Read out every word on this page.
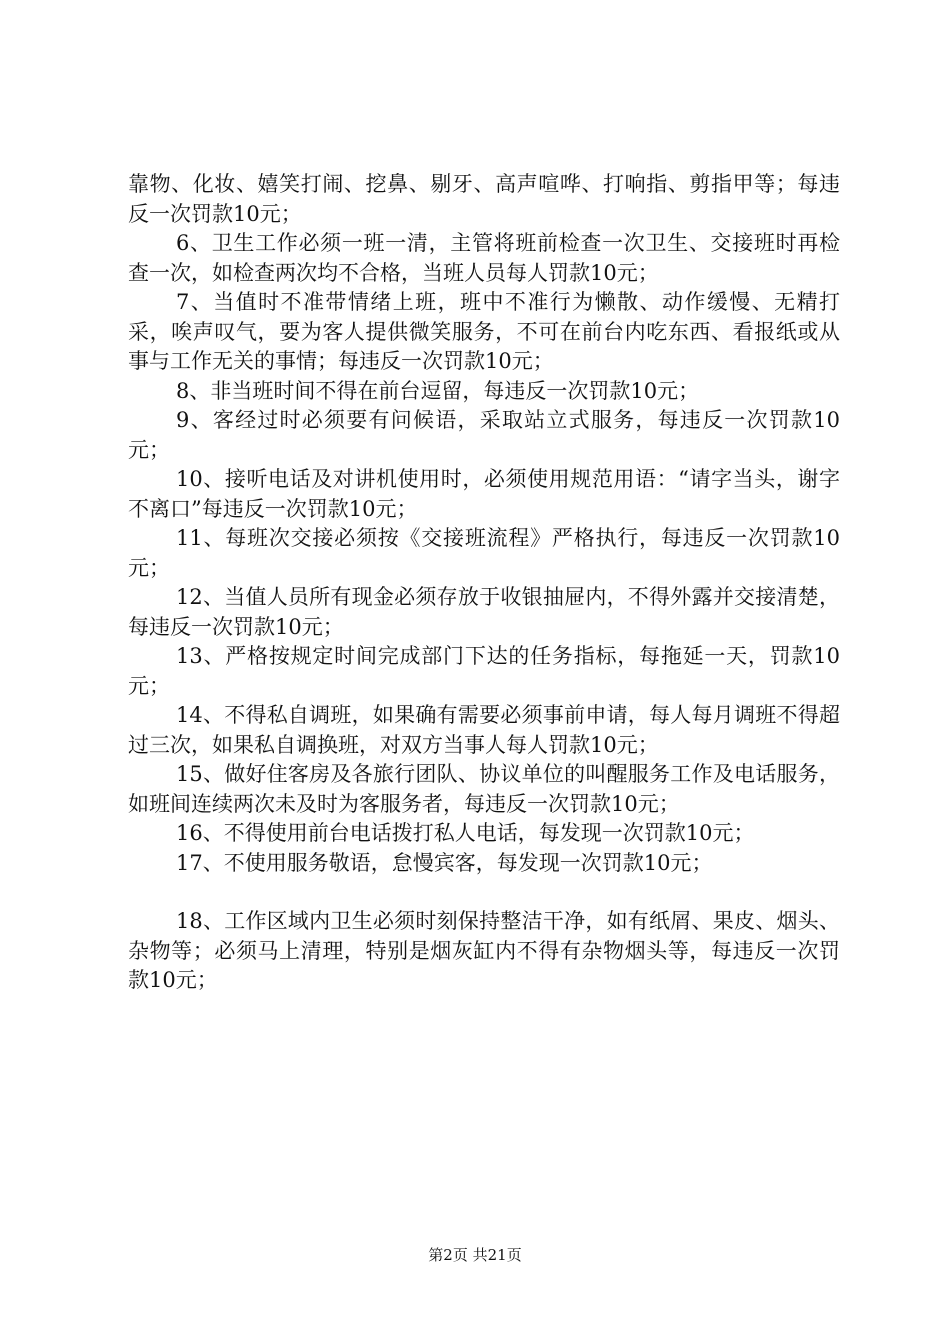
靠物、化妆、嬉笑打闹、挖鼻、剔牙、高声喧哗、打响指、剪指甲等；每违反一次罚款10元；

6、卫生工作必须一班一清，主管将班前检查一次卫生、交接班时再检查一次，如检查两次均不合格，当班人员每人罚款10元；

7、当值时不准带情绪上班，班中不准行为懒散、动作缓慢、无精打采，唉声叹气，要为客人提供微笑服务，不可在前台内吃东西、看报纸或从事与工作无关的事情；每违反一次罚款10元；

8、非当班时间不得在前台逗留，每违反一次罚款10元；

9、客经过时必须要有问候语，采取站立式服务，每违反一次罚款10元；

10、接听电话及对讲机使用时，必须使用规范用语：“请字当头，谢字不离口”每违反一次罚款10元；

11、每班次交接必须按《交接班流程》严格执行，每违反一次罚款10元；

12、当值人员所有现金必须存放于收银抽屉内，不得外露并交接清楚，每违反一次罚款10元；

13、严格按规定时间完成部门下达的任务指标，每拖延一天，罚款10元；

14、不得私自调班，如果确有需要必须事前申请，每人每月调班不得超过三次，如果私自调换班，对双方当事人每人罚款10元；

15、做好住客房及各旅行团队、协议单位的叫醒服务工作及电话服务，如班间连续两次未及时为客服务者，每违反一次罚款10元；

16、不得使用前台电话拨打私人电话，每发现一次罚款10元；

17、不使用服务敬语，怠慢宾客，每发现一次罚款10元；

18、工作区域内卫生必须时刻保持整洁干净，如有纸屑、果皮、烟头、杂物等；必须马上清理，特别是烟灰缸内不得有杂物烟头等，每违反一次罚款10元；

第2页 共21页
